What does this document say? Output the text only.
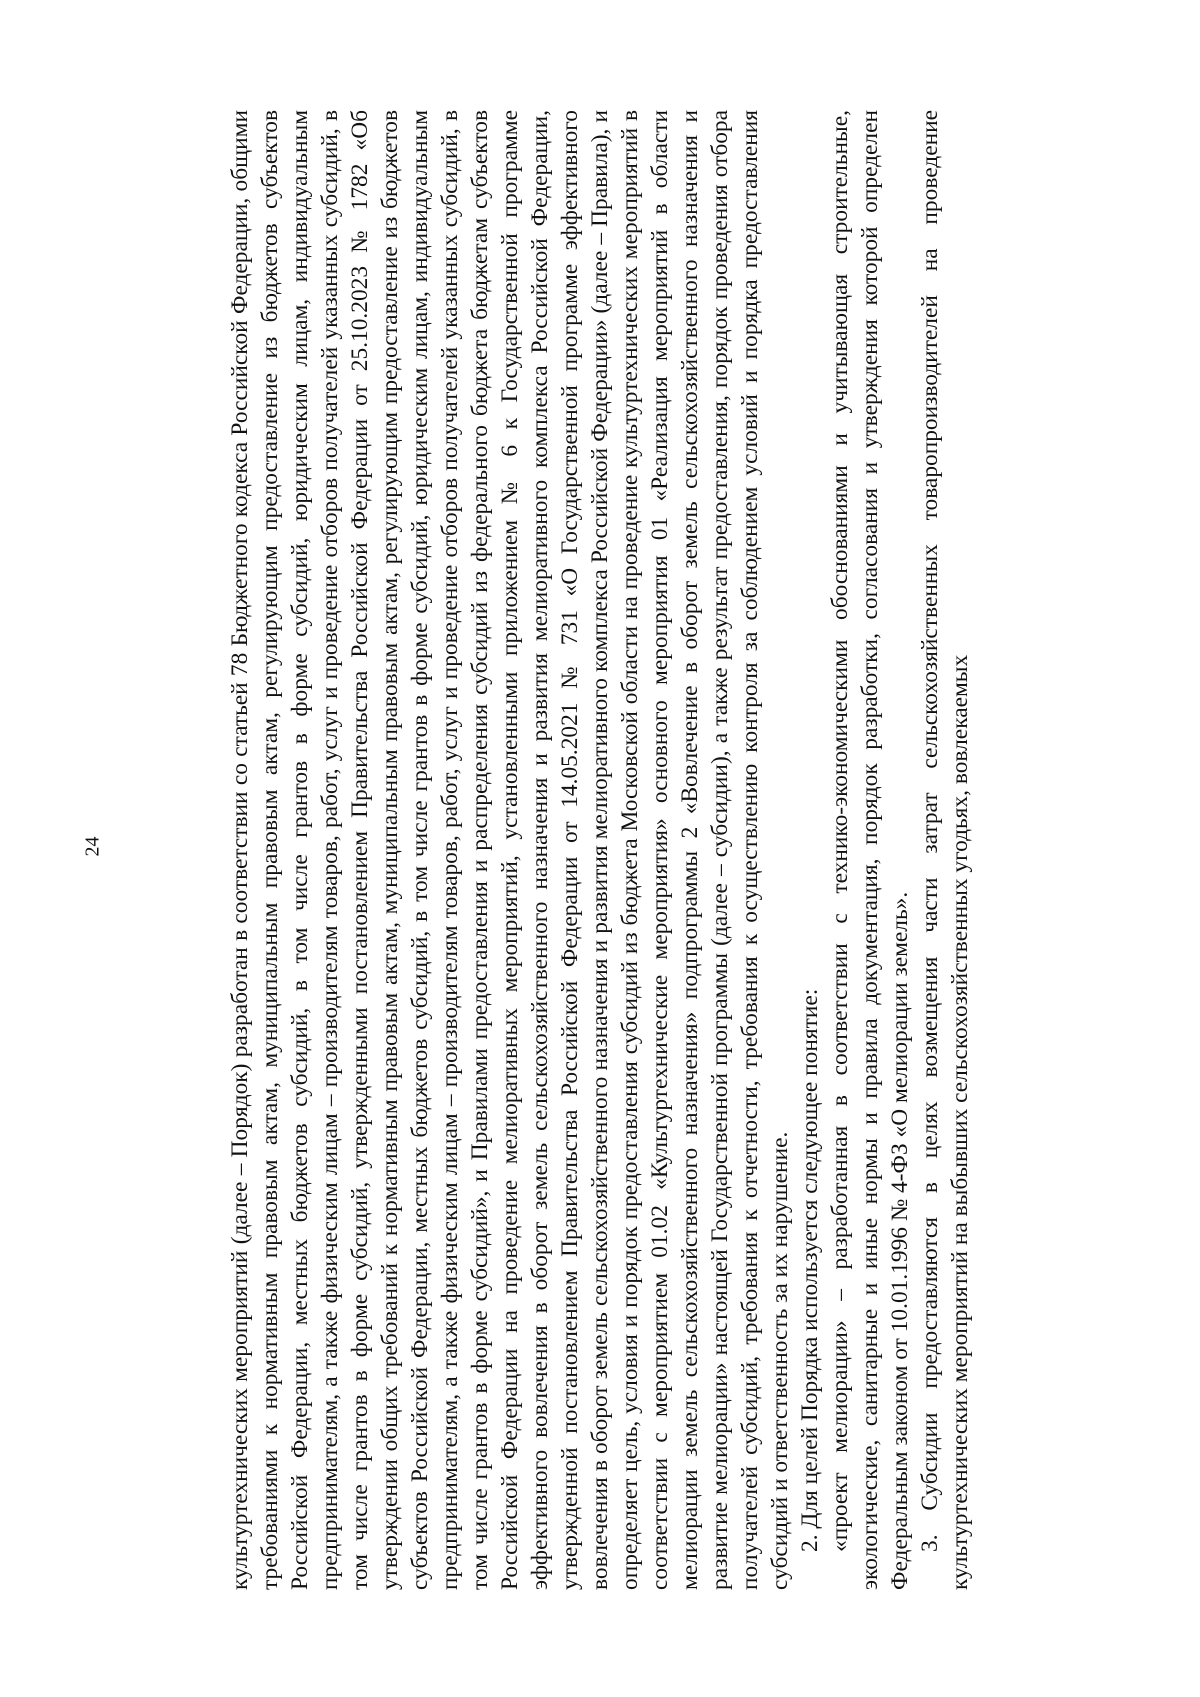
24	культуртехнических мероприятий (далее – Порядок) разработан в соответствии со статьей 78 Бюджетного кодекса Российской Федерации, общими требованиями к нормативным правовым актам, муниципальным правовым актам, регулирующим предоставление из бюджетов субъектов Российской Федерации, местных бюджетов субсидий, в том числе грантов в форме субсидий, юридическим лицам, индивидуальным предпринимателям, а также физическим лицам – производителям товаров, работ, услуг и проведение отборов получателей указанных субсидий, в том числе грантов в форме субсидий, утвержденными постановлением Правительства Российской Федерации от 25.10.2023 № 1782 «Об утверждении общих требований к нормативным правовым актам, муниципальным правовым актам, регулирующим предоставление из бюджетов субъектов Российской Федерации, местных бюджетов субсидий, в том числе грантов в форме субсидий, юридическим лицам, индивидуальным предпринимателям, а также физическим лицам – производителям товаров, работ, услуг и проведение отборов получателей указанных субсидий, в том числе грантов в форме субсидий», и Правилами предоставления и распределения субсидий из федерального бюджета бюджетам субъектов Российской Федерации на проведение мелиоративных мероприятий, установленными приложением № 6 к Государственной программе эффективного вовлечения в оборот земель сельскохозяйственного назначения и развития мелиоративного комплекса Российской Федерации, утвержденной постановлением Правительства Российской Федерации от 14.05.2021 № 731 «О Государственной программе эффективного вовлечения в оборот земель сельскохозяйственного назначения и развития мелиоративного комплекса Российской Федерации» (далее – Правила), и определяет цель, условия и порядок предоставления субсидий из бюджета Московской области на проведение культуртехнических мероприятий в соответствии с мероприятием 01.02 «Культуртехнические мероприятия» основного мероприятия 01 «Реализация мероприятий в области мелиорации земель сельскохозяйственного назначения» подпрограммы 2 «Вовлечение в оборот земель сельскохозяйственного назначения и развитие мелиорации» настоящей Государственной программы (далее – субсидии), а также результат предоставления, порядок проведения отбора получателей субсидий, требования к отчетности, требования к осуществлению контроля за соблюдением условий и порядка предоставления субсидий и ответственность за их нарушение. 2. Для целей Порядка используется следующее понятие: «проект мелиорации» – разработанная в соответствии с технико-экономическими обоснованиями и учитывающая строительные, экологические, санитарные и иные нормы и правила документация, порядок разработки, согласования и утверждения которой определен Федеральным законом от 10.01.1996 № 4-ФЗ «О мелиорации земель». 3. Субсидии предоставляются в целях возмещения части затрат сельскохозяйственных товаропроизводителей на проведение культуртехнических мероприятий на выбывших сельскохозяйственных угодьях, вовлекаемых
